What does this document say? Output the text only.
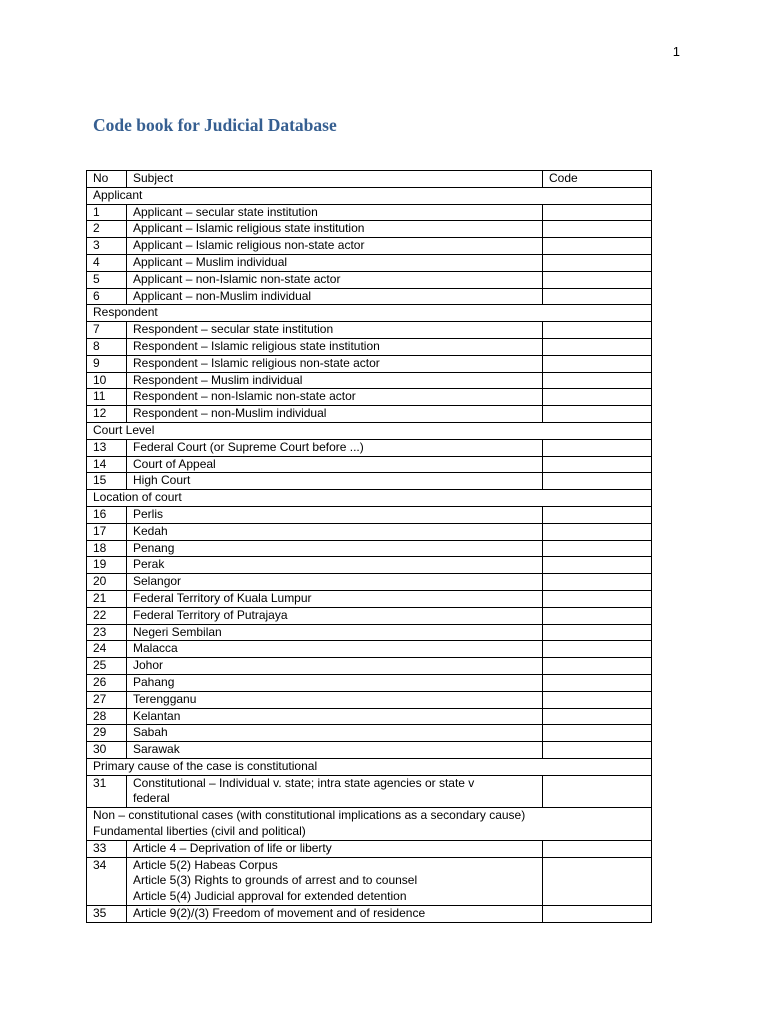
1
Code book for Judicial Database
No	Subject	Code

Applicant		

1	Applicant – secular state institution	

2	Applicant – Islamic religious state institution	

3	Applicant – Islamic religious non-state actor	

4	Applicant – Muslim individual	

5	Applicant – non-Islamic non-state actor	

6	Applicant – non-Muslim individual	

Respondent		

7	Respondent – secular state institution	

8	Respondent – Islamic religious state institution	

9	Respondent – Islamic religious non-state actor	

10	Respondent – Muslim individual	

11	Respondent – non-Islamic non-state actor	

12	Respondent – non-Muslim individual	

Court Level		

13	Federal Court (or Supreme Court before ...)	

14	Court of Appeal	

15	High Court	

Location of court		

16	Perlis	

17	Kedah	

18	Penang	

19	Perak	

20	Selangor	

21	Federal Territory of Kuala Lumpur	

22	Federal Territory of Putrajaya	

23	Negeri Sembilan	

24	Malacca	

25	Johor	

26	Pahang	

27	Terengganu	

28	Kelantan	

29	Sabah	

30	Sarawak	

Primary cause of the case is constitutional		

31	Constitutional – Individual v. state; intra state agencies or state v
federal	

Non – constitutional cases (with constitutional implications as a secondary cause)
Fundamental liberties (civil and political)		

33	Article 4 – Deprivation of life or liberty	

34	Article 5(2) Habeas Corpus
Article 5(3) Rights to grounds of arrest and to counsel
Article 5(4) Judicial approval for extended detention	

35	Article 9(2)/(3) Freedom of movement and of residence	
